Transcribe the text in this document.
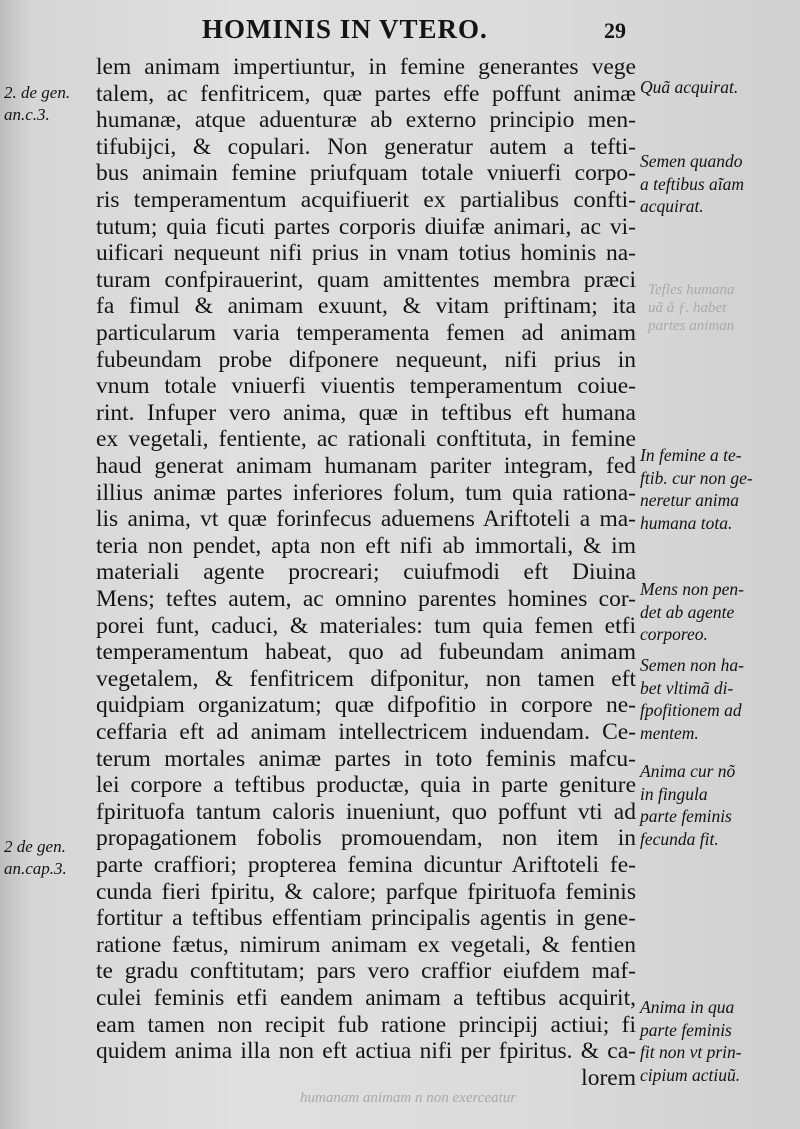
Tefles humana
uã â ƒ. habet
partes animan
humanam animam n non exerceatur
HOMINIS IN VTERO.	29
lem animam impertiuntur, in femine generantes vege
talem, ac fenfitricem, quæ partes effe poffunt animæ
humanæ, atque aduenturæ ab externo principio men-
tifubijci, & copulari. Non generatur autem a tefti-
bus animain femine priufquam totale vniuerfi corpo-
ris temperamentum acquifiuerit ex partialibus confti-
tutum; quia ficuti partes corporis diuifæ animari, ac vi-
uificari nequeunt nifi prius in vnam totius hominis na-
turam confpirauerint, quam amittentes membra præci
fa fimul & animam exuunt, & vitam priftinam; ita
particularum varia temperamenta femen ad animam
fubeundam probe difponere nequeunt, nifi prius in
vnum totale vniuerfi viuentis temperamentum coiue-
rint. Infuper vero anima, quæ in teftibus eft humana
ex vegetali, fentiente, ac rationali conftituta, in femine
haud generat animam humanam pariter integram, fed
illius animæ partes inferiores folum, tum quia rationa-
lis anima, vt quæ forinfecus aduemens Ariftoteli a ma-
teria non pendet, apta non eft nifi ab immortali, & im
materiali agente procreari; cuiufmodi eft Diuina
Mens; teftes autem, ac omnino parentes homines cor-
porei funt, caduci, & materiales: tum quia femen etfi
temperamentum habeat, quo ad fubeundam animam
vegetalem, & fenfitricem difponitur, non tamen eft
quidpiam organizatum; quæ difpofitio in corpore ne-
ceffaria eft ad animam intellectricem induendam. Ce-
terum mortales animæ partes in toto feminis mafcu-
lei corpore a teftibus productæ, quia in parte geniture
fpirituofa tantum caloris inueniunt, quo poffunt vti ad
propagationem fobolis promouendam, non item in
parte craffiori; propterea femina dicuntur Ariftoteli fe-
cunda fieri fpiritu, & calore; parfque fpirituofa feminis
fortitur a teftibus effentiam principalis agentis in gene-
ratione fætus, nimirum animam ex vegetali, & fentien
te gradu conftitutam; pars vero craffior eiufdem maf-
culei feminis etfi eandem animam a teftibus acquirit,
eam tamen non recipit fub ratione principij actiui; fi
quidem anima illa non eft actiua nifi per fpiritus. & ca-
lorem
2. de gen.
an.c.3.
2 de gen.
an.cap.3.
Quã acquirat.
Semen quando
a teftibus aĩam
acquirat.
In femine a te-
ftib. cur non ge-
neretur anima
humana tota.
Mens non pen-
det ab agente
corporeo.
Semen non ha-
bet vltimã di-
fpofitionem ad
mentem.
Anima cur nõ
in fingula
parte feminis
fecunda fit.
Anima in qua
parte feminis
fit non vt prin-
cipium actiuũ.
